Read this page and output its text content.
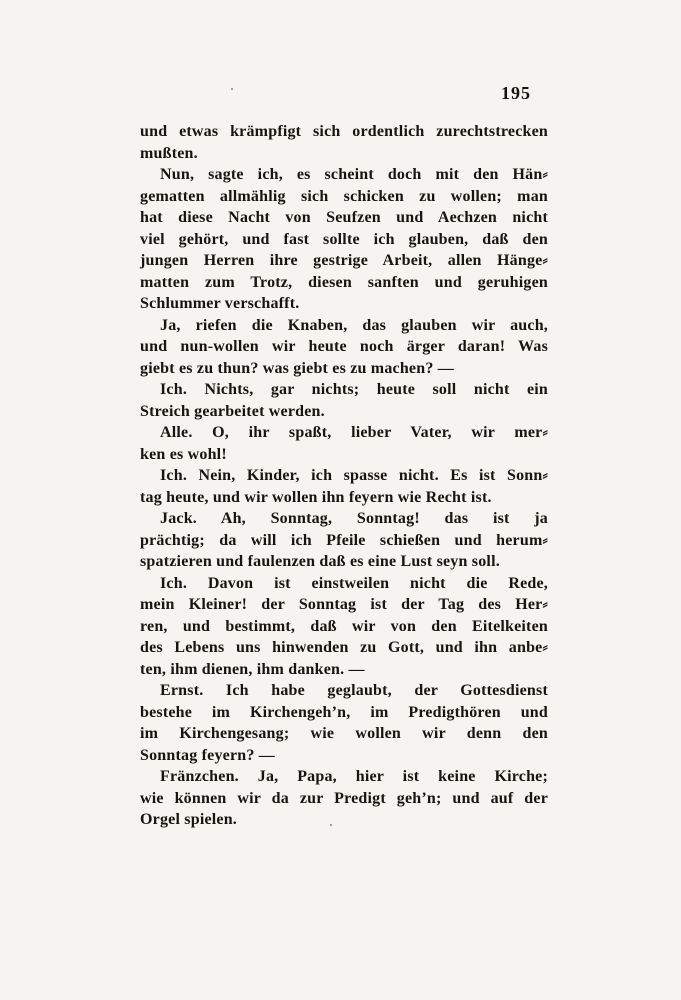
195
und etwas krämpfigt sich ordentlich zurechtstrecken
mußten.
Nun, sagte ich, es scheint doch mit den Hän⸗
gematten allmählig sich schicken zu wollen; man
hat diese Nacht von Seufzen und Aechzen nicht
viel gehört, und fast sollte ich glauben, daß den
jungen Herren ihre gestrige Arbeit, allen Hänge⸗
matten zum Trotz, diesen sanften und geruhigen
Schlummer verschafft.
Ja, riefen die Knaben, das glauben wir auch,
und nun-wollen wir heute noch ärger daran! Was
giebt es zu thun? was giebt es zu machen? —
Ich. Nichts, gar nichts; heute soll nicht ein
Streich gearbeitet werden.
Alle. O, ihr spaßt, lieber Vater, wir mer⸗
ken es wohl!
Ich. Nein, Kinder, ich spasse nicht. Es ist Sonn⸗
tag heute, und wir wollen ihn feyern wie Recht ist.
Jack. Ah, Sonntag, Sonntag! das ist ja
prächtig; da will ich Pfeile schießen und herum⸗
spatzieren und faulenzen daß es eine Lust seyn soll.
Ich. Davon ist einstweilen nicht die Rede,
mein Kleiner! der Sonntag ist der Tag des Her⸗
ren, und bestimmt, daß wir von den Eitelkeiten
des Lebens uns hinwenden zu Gott, und ihn anbe⸗
ten, ihm dienen, ihm danken. —
Ernst. Ich habe geglaubt, der Gottesdienst
bestehe im Kirchengeh’n, im Predigthören und
im Kirchengesang; wie wollen wir denn den
Sonntag feyern? —
Fränzchen. Ja, Papa, hier ist keine Kirche;
wie können wir da zur Predigt geh’n; und auf der
Orgel spielen.
